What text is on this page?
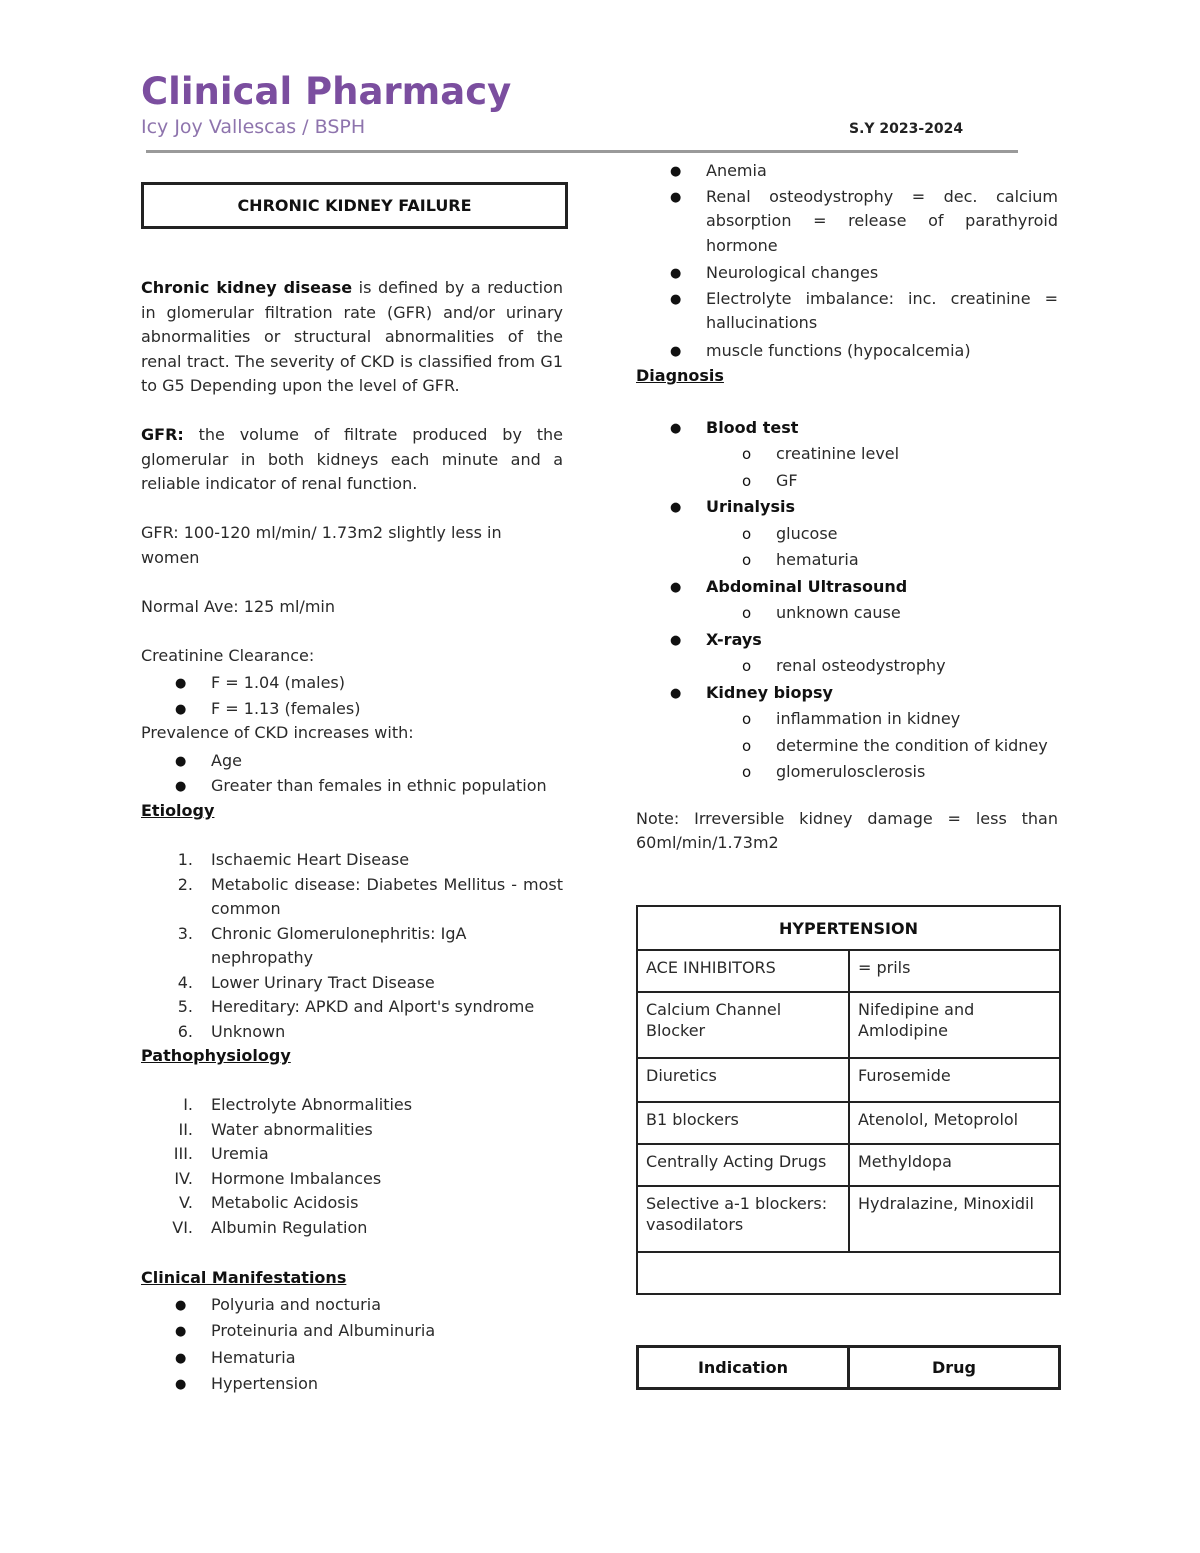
Clinical Pharmacy
Icy Joy Vallescas / BSPH	S.Y 2023-2024
CHRONIC KIDNEY FAILURE

Chronic kidney disease is defined by a reduction in glomerular filtration rate (GFR) and/or urinary abnormalities or structural abnormalities of the renal tract. The severity of CKD is classified from G1 to G5 Depending upon the level of GFR.

GFR: the volume of filtrate produced by the glomerular in both kidneys each minute and a reliable indicator of renal function.

GFR: 100-120 ml/min/ 1.73m2 slightly less in women

Normal Ave: 125 ml/min

Creatinine Clearance:
● F = 1.04 (males)
● F = 1.13 (females)
Prevalence of CKD increases with:
● Age
● Greater than females in ethnic population

Etiology

1. Ischaemic Heart Disease
2. Metabolic disease: Diabetes Mellitus - most common
3. Chronic Glomerulonephritis: IgA nephropathy
4. Lower Urinary Tract Disease
5. Hereditary: APKD and Alport's syndrome
6. Unknown

Pathophysiology

I. Electrolyte Abnormalities
II. Water abnormalities
III. Uremia
IV. Hormone Imbalances
V. Metabolic Acidosis
VI. Albumin Regulation

Clinical Manifestations

● Polyuria and nocturia
● Proteinuria and Albuminuria
● Hematuria
● Hypertension
● Anemia
● Renal osteodystrophy = dec. calcium absorption = release of parathyroid hormone
● Neurological changes
● Electrolyte imbalance: inc. creatinine = hallucinations
● muscle functions (hypocalcemia)

Diagnosis

● Blood test
o creatinine level
o GF
● Urinalysis
o glucose
o hematuria
● Abdominal Ultrasound
o unknown cause
● X-rays
o renal osteodystrophy
● Kidney biopsy
o inflammation in kidney
o determine the condition of kidney
o glomerulosclerosis

Note: Irreversible kidney damage = less than 60ml/min/1.73m2

HYPERTENSION	
ACE INHIBITORS	= prils
Calcium Channel Blocker	Nifedipine and Amlodipine
Diuretics	Furosemide
B1 blockers	Atenolol, Metoprolol
Centrally Acting Drugs	Methyldopa
Selective a-1 blockers: vasodilators	Hydralazine, Minoxidil

Indication	Drug
